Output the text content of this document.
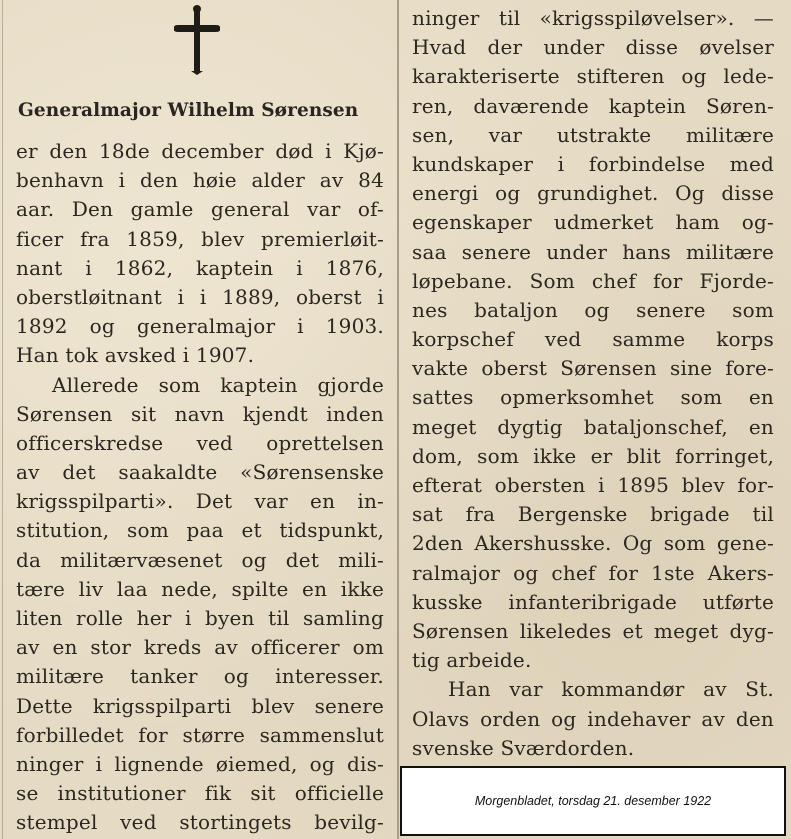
Generalmajor Wilhelm Sørensen
er den 18de december død i Kjø-
benhavn i den høie alder av 84
aar. Den gamle general var of-
ficer fra 1859, blev premierløit-
nant i 1862, kaptein i 1876,
oberstløitnant i i 1889, oberst i
1892 og generalmajor i 1903.
Han tok avsked i 1907.
Allerede som kaptein gjorde
Sørensen sit navn kjendt inden
officerskredse ved oprettelsen
av det saakaldte «Sørensenske
krigsspilparti». Det var en in-
stitution, som paa et tidspunkt,
da militærvæsenet og det mili-
tære liv laa nede, spilte en ikke
liten rolle her i byen til samling
av en stor kreds av officerer om
militære tanker og interesser.
Dette krigsspilparti blev senere
forbilledet for større sammenslut
ninger i lignende øiemed, og dis-
se institutioner fik sit officielle
stempel ved stortingets bevilg-
ninger til «krigsspiløvelser». —
Hvad der under disse øvelser
karakteriserte stifteren og lede-
ren, daværende kaptein Søren-
sen, var utstrakte militære
kundskaper i forbindelse med
energi og grundighet. Og disse
egenskaper udmerket ham og-
saa senere under hans militære
løpebane. Som chef for Fjorde-
nes bataljon og senere som
korpschef ved samme korps
vakte oberst Sørensen sine fore-
sattes opmerksomhet som en
meget dygtig bataljonschef, en
dom, som ikke er blit forringet,
efterat obersten i 1895 blev for-
sat fra Bergenske brigade til
2den Akershusske. Og som gene-
ralmajor og chef for 1ste Akers-
kusske infanteribrigade utførte
Sørensen likeledes et meget dyg-
tig arbeide.
Han var kommandør av St.
Olavs orden og indehaver av den
svenske Sværdorden.
Morgenbladet, torsdag 21. desember 1922
